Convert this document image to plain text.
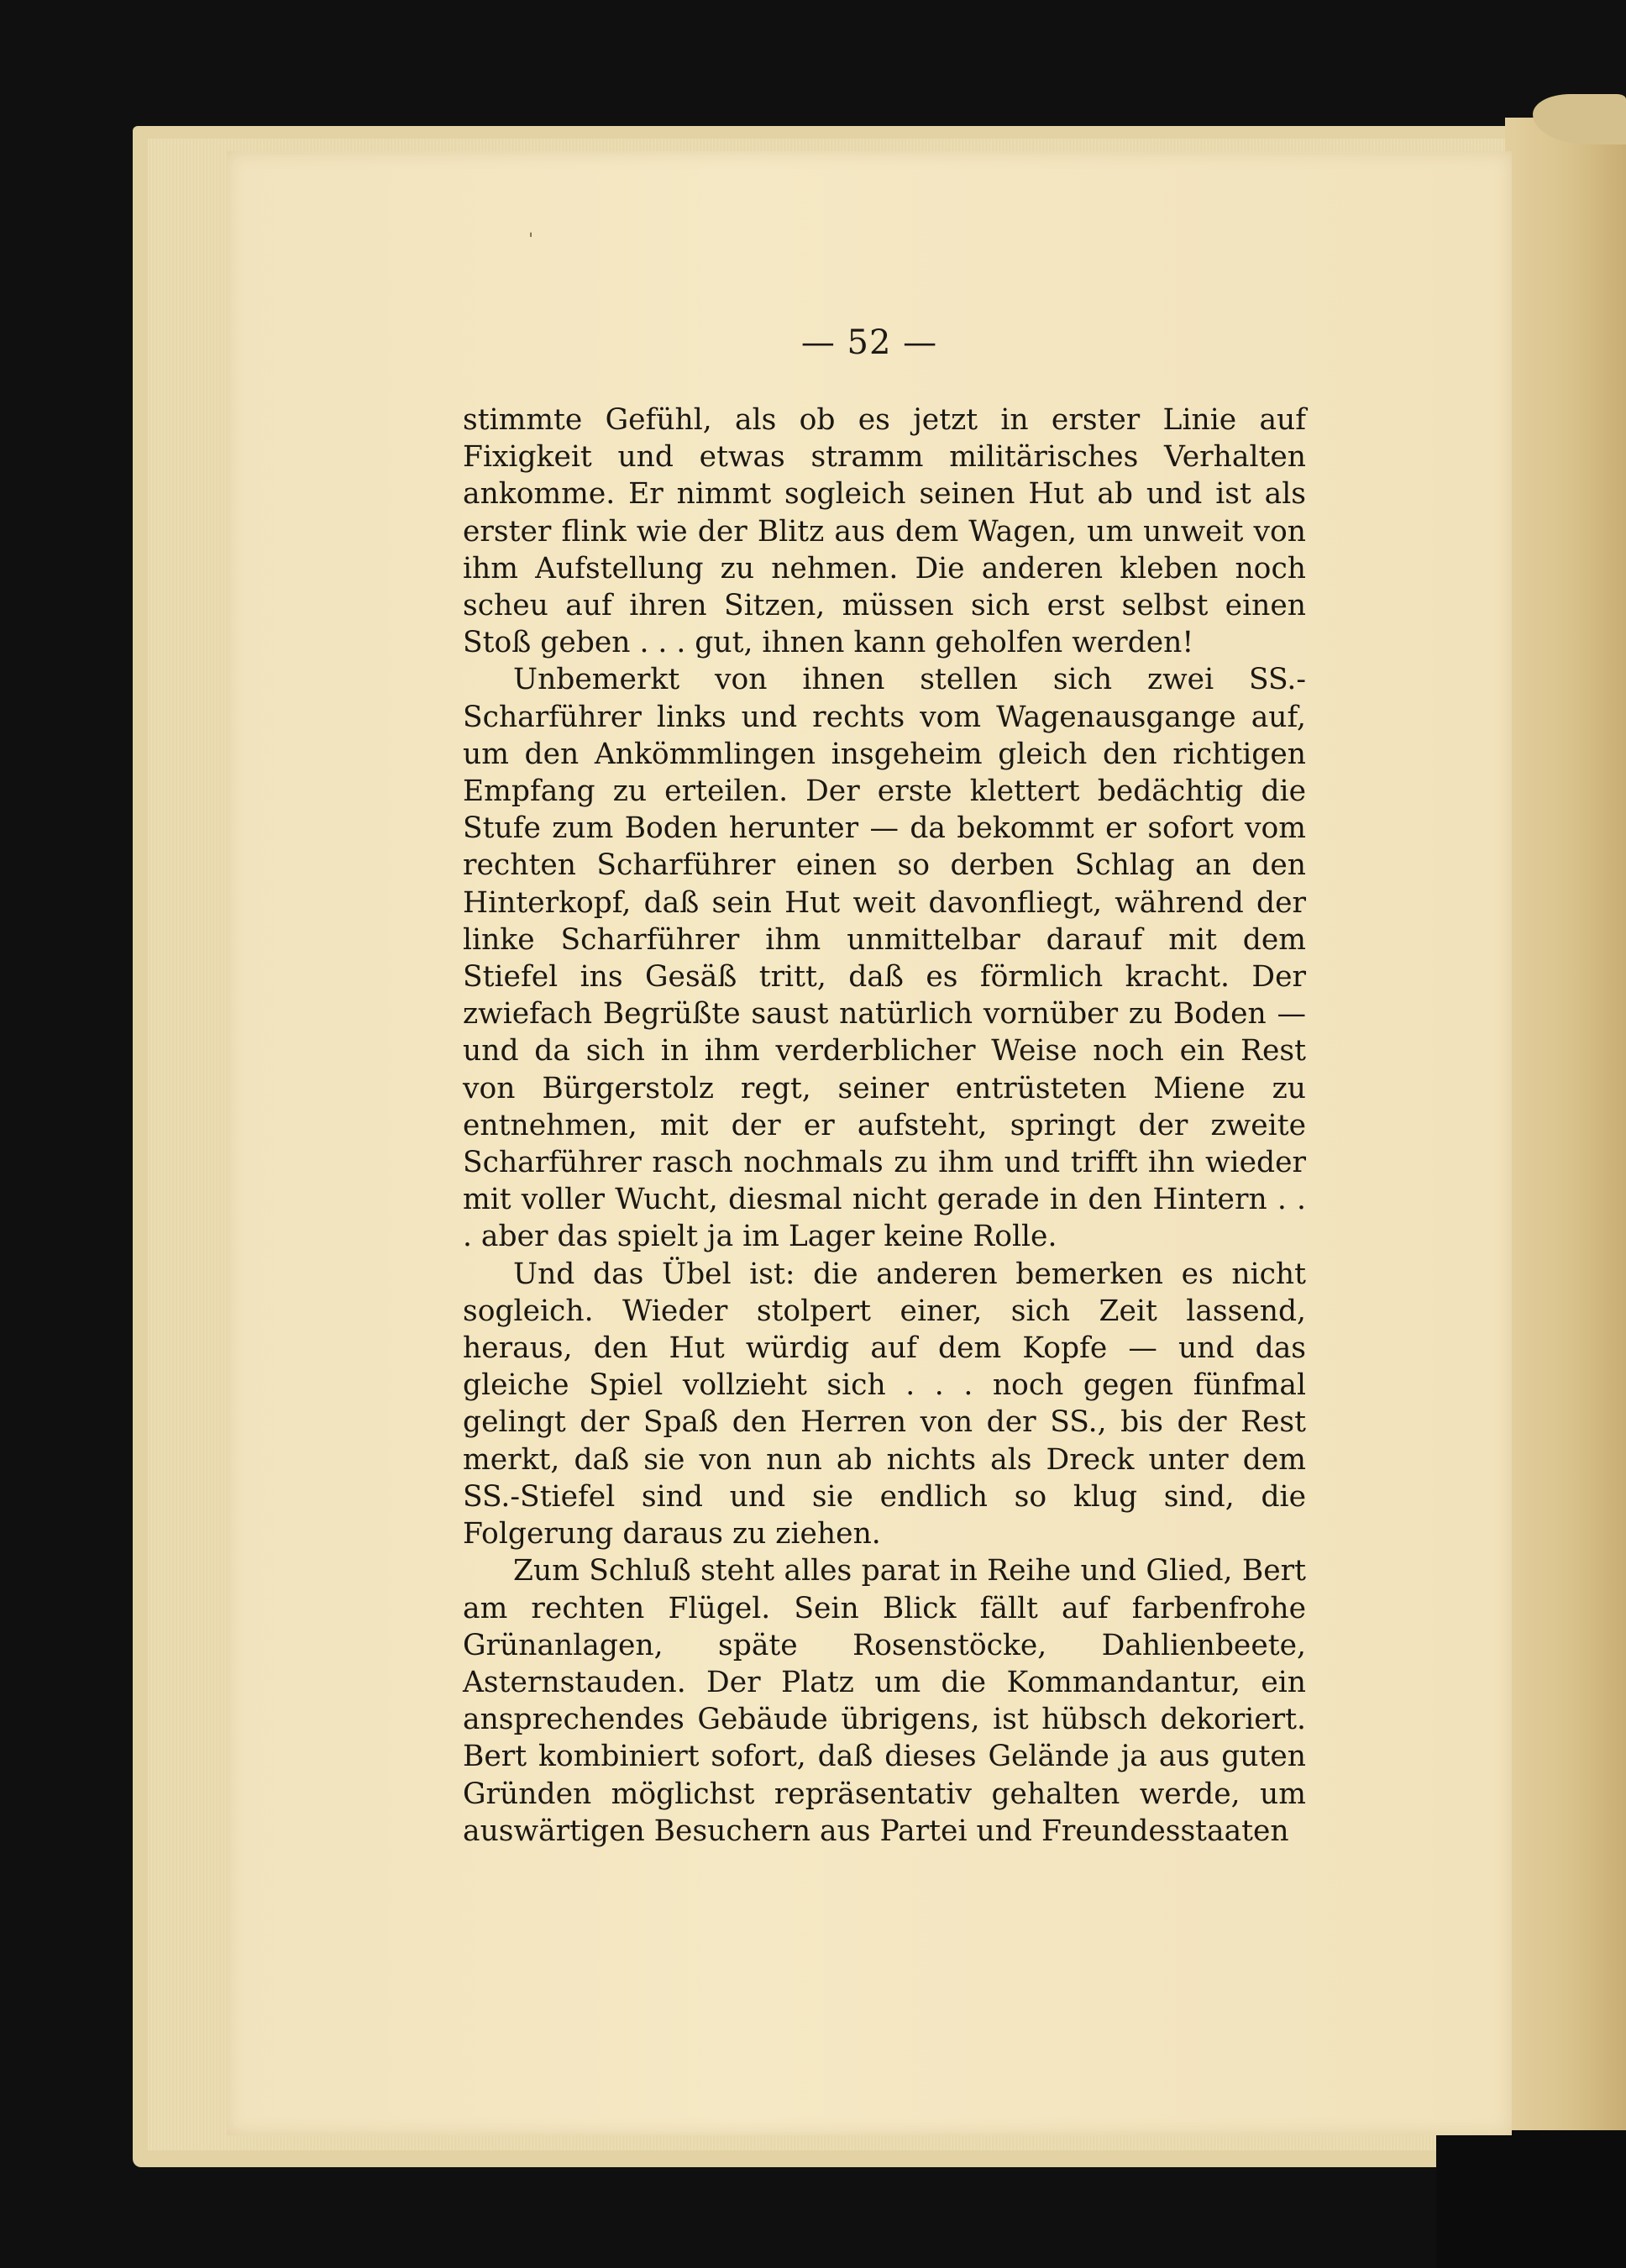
ˌ
— 52 —

stimmte Gefühl, als ob es jetzt in erster Linie auf Fixigkeit und etwas stramm militärisches Verhalten ankomme. Er nimmt sogleich seinen Hut ab und ist als erster flink wie der Blitz aus dem Wagen, um unweit von ihm Aufstellung zu nehmen. Die anderen kleben noch scheu auf ihren Sitzen, müssen sich erst selbst einen Stoß geben . . . gut, ihnen kann geholfen werden!

Unbemerkt von ihnen stellen sich zwei SS.-Scharführer links und rechts vom Wagenausgange auf, um den Ankömmlingen insgeheim gleich den richtigen Empfang zu erteilen. Der erste klettert bedächtig die Stufe zum Boden herunter — da bekommt er sofort vom rechten Scharführer einen so derben Schlag an den Hinterkopf, daß sein Hut weit davonfliegt, während der linke Scharführer ihm unmittelbar darauf mit dem Stiefel ins Gesäß tritt, daß es förmlich kracht. Der zwiefach Begrüßte saust natürlich vornüber zu Boden — und da sich in ihm verderblicher Weise noch ein Rest von Bürgerstolz regt, seiner entrüsteten Miene zu entnehmen, mit der er aufsteht, springt der zweite Scharführer rasch nochmals zu ihm und trifft ihn wieder mit voller Wucht, diesmal nicht gerade in den Hintern . . . aber das spielt ja im Lager keine Rolle.

Und das Übel ist: die anderen bemerken es nicht sogleich. Wieder stolpert einer, sich Zeit lassend, heraus, den Hut würdig auf dem Kopfe — und das gleiche Spiel vollzieht sich . . . noch gegen fünfmal gelingt der Spaß den Herren von der SS., bis der Rest merkt, daß sie von nun ab nichts als Dreck unter dem SS.-Stiefel sind und sie endlich so klug sind, die Folgerung daraus zu ziehen.

Zum Schluß steht alles parat in Reihe und Glied, Bert am rechten Flügel. Sein Blick fällt auf farbenfrohe Grünanlagen, späte Rosenstöcke, Dahlienbeete, Asternstauden. Der Platz um die Kommandantur, ein ansprechendes Gebäude übrigens, ist hübsch dekoriert. Bert kombiniert sofort, daß dieses Gelände ja aus guten Gründen möglichst repräsentativ gehalten werde, um auswärtigen Besuchern aus Partei und Freundesstaaten
